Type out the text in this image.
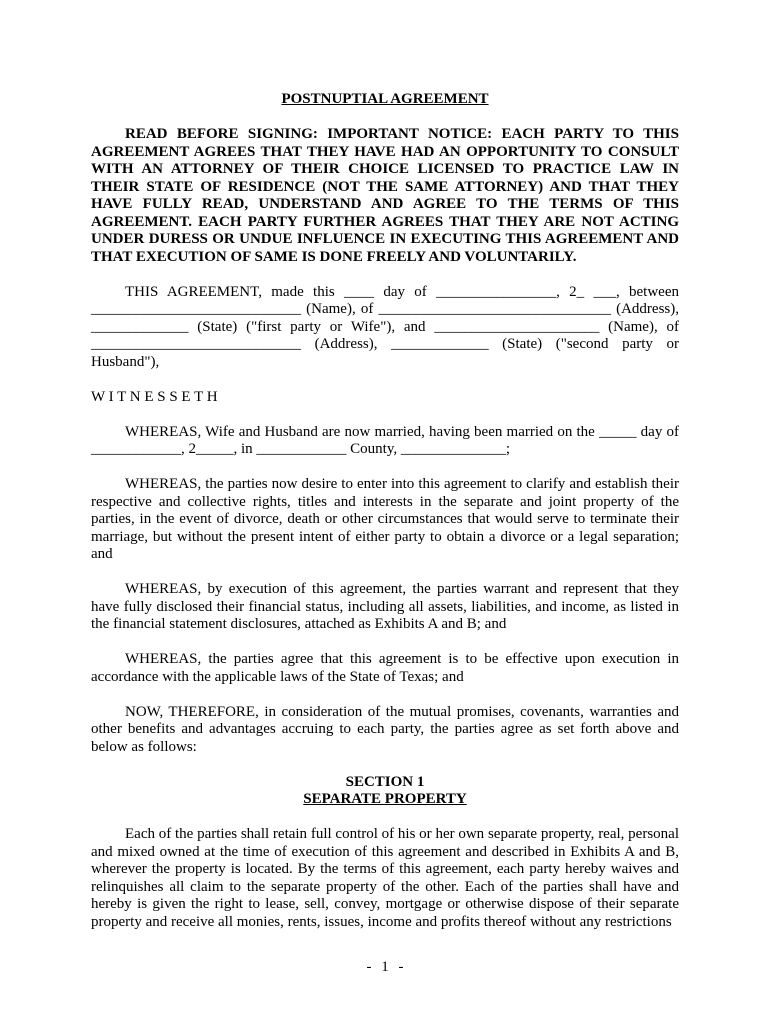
POSTNUPTIAL AGREEMENT

READ BEFORE SIGNING: IMPORTANT NOTICE: EACH PARTY TO THIS AGREEMENT AGREES THAT THEY HAVE HAD AN OPPORTUNITY TO CONSULT WITH AN ATTORNEY OF THEIR CHOICE LICENSED TO PRACTICE LAW IN THEIR STATE OF RESIDENCE (NOT THE SAME ATTORNEY) AND THAT THEY HAVE FULLY READ, UNDERSTAND AND AGREE TO THE TERMS OF THIS AGREEMENT. EACH PARTY FURTHER AGREES THAT THEY ARE NOT ACTING UNDER DURESS OR UNDUE INFLUENCE IN EXECUTING THIS AGREEMENT AND THAT EXECUTION OF SAME IS DONE FREELY AND VOLUNTARILY.

THIS AGREEMENT, made this ____ day of ________________, 2_ ___, between ____________________________ (Name), of _______________________________ (Address), _____________ (State) ("first party or Wife"), and ______________________ (Name), of ____________________________ (Address), _____________ (State) ("second party or Husband"),

W I T N E S S E T H

WHEREAS, Wife and Husband are now married, having been married on the _____ day of ____________, 2_____, in ____________ County, ______________;

WHEREAS, the parties now desire to enter into this agreement to clarify and establish their respective and collective rights, titles and interests in the separate and joint property of the parties, in the event of divorce, death or other circumstances that would serve to terminate their marriage, but without the present intent of either party to obtain a divorce or a legal separation; and

WHEREAS, by execution of this agreement, the parties warrant and represent that they have fully disclosed their financial status, including all assets, liabilities, and income, as listed in the financial statement disclosures, attached as Exhibits A and B; and

WHEREAS, the parties agree that this agreement is to be effective upon execution in accordance with the applicable laws of the State of Texas; and

NOW, THEREFORE, in consideration of the mutual promises, covenants, warranties and other benefits and advantages accruing to each party, the parties agree as set forth above and below as follows:

SECTION 1

SEPARATE PROPERTY

Each of the parties shall retain full control of his or her own separate property, real, personal and mixed owned at the time of execution of this agreement and described in Exhibits A and B, wherever the property is located. By the terms of this agreement, each party hereby waives and relinquishes all claim to the separate property of the other. Each of the parties shall have and hereby is given the right to lease, sell, convey, mortgage or otherwise dispose of their separate property and receive all monies, rents, issues, income and profits thereof without any restrictions

- 1 -
